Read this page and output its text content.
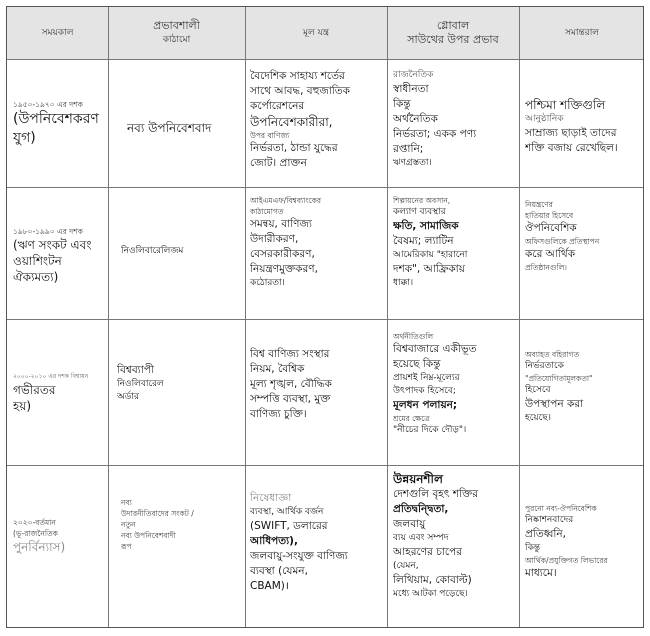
সময়কাল
প্রভাবশালী
কাঠামো
মূল যন্ত্র
গ্লোবাল
সাউথের উপর প্রভাব	সমান্তরাল
১৯৫০-১৯৭০ এর দশক
(উপনিবেশকরণ
যুগ)
নব্য উপনিবেশবাদ
বৈদেশিক সাহায্য শর্তের
সাথে আবদ্ধ, বহুজাতিক
কর্পোরেশনের
উপনিবেশকারীরা,
উপর বাণিজ্য
নির্ভরতা, ঠান্ডা যুদ্ধের
জোট। প্রাক্তন
রাজনৈতিক
স্বাধীনতা
কিন্তু
অর্থনৈতিক
নির্ভরতা; একক পণ্য
রপ্তানি;
ঋণগ্রস্ততা।
পশ্চিমা শক্তিগুলি
আনুষ্ঠানিক
সাম্রাজ্য ছাড়াই তাদের
শক্তি বজায় রেখেছিল।
১৯৮০-১৯৯০ এর দশক
(ঋণ সংকট এবং
ওয়াশিংটন
ঐক্যমত্য)
নিওলিবারেলিজম
আইএমএফ/বিশ্বব্যাংকের
কাঠামোগত
সমন্বয়, বাণিজ্য
উদারীকরণ,
বেসরকারীকরণ,
নিয়ন্ত্রণমুক্তকরণ,
কঠোরতা।
শিল্পায়নের অবসান,
কল্যাণ ব্যবস্থার
ক্ষতি, সামাজিক
বৈষম্য; ল্যাটিন
আমেরিকায় "হারানো
দশক", আফ্রিকায়
ধাক্কা।
নিয়ন্ত্রণের
হাতিয়ার হিসেবে
ঔপনিবেশিক
অফিসগুলিকে প্রতিস্থাপন
করে আর্থিক
প্রতিষ্ঠানগুলি।
২০০০-২০১০ এর দশক বিশ্বায়ন
গভীরতর
হয়)
বিশ্বব্যাপী
নিওলিবারেল
অর্ডার
বিশ্ব বাণিজ্য সংস্থার
নিয়ম, বৈশ্বিক
মূল্য শৃঙ্খল, বৌদ্ধিক
সম্পত্তি ব্যবস্থা, মুক্ত
বাণিজ্য চুক্তি।
অর্থনীতিগুলি
বিশ্ববাজারে একীভূত
হয়েছে কিন্তু
প্রায়শই নিম্ন-মূল্যের
উৎপাদক হিসেবে;
মূলধন পলায়ন;
শ্রমের ক্ষেত্রে
"নীচের দিকে দৌড়"।
অব্যাহত বহিরাগত
নির্ভরতাকে
"প্রতিযোগিতামূলকতা"
হিসেবে
উপস্থাপন করা
হয়েছে।
২০২০-বর্তমান
(ভূ-রাজনৈতিক
পুনর্বিন্যাস)
নব্য
উদারনীতিবাদের সংকট /
নতুন
নব্য উপনিবেশবাদী
রূপ
নিষেধাজ্ঞা
ব্যবস্থা, আর্থিক বর্জন
(SWIFT, ডলারের
আধিপত্য),
জলবায়ু-সংযুক্ত বাণিজ্য
ব্যবস্থা (যেমন,
CBAM)।
উন্নয়নশীল
দেশগুলি বৃহৎ শক্তির
প্রতিদ্বন্দ্বিতা,
জলবায়ু
ব্যয় এবং সম্পদ
আহরণের চাপের
(যেমন,
লিথিয়াম, কোবাল্ট)
মধ্যে আটকা পড়েছে।
পুরনো নব্য-ঔপনিবেশিক
নিষ্কাশনবাদের
প্রতিধ্বনি,
কিন্তু
আর্থিক/প্রযুক্তিগত লিভারের
মাধ্যমে।
